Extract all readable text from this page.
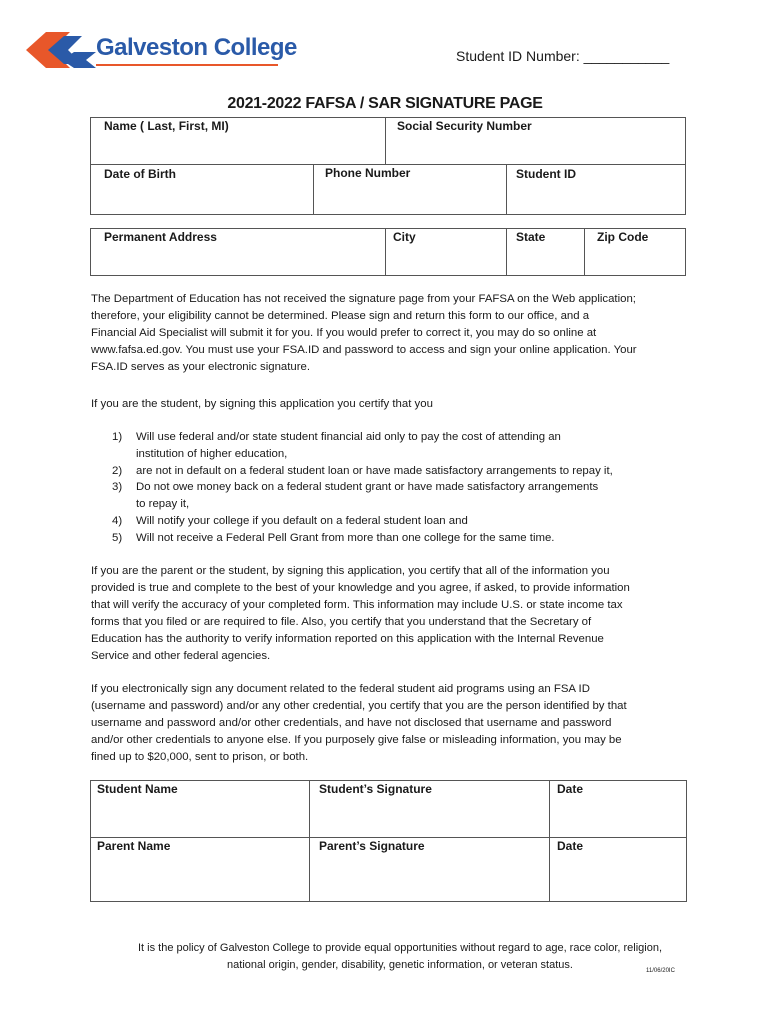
Galveston College	Student ID Number: ___________
2021-2022 FAFSA / SAR SIGNATURE PAGE
Name ( Last, First, MI)	Social Security Number
Date of Birth	Phone Number	Student ID
Permanent Address	City	State	Zip Code
The Department of Education has not received the signature page from your FAFSA on the Web application;
therefore, your eligibility cannot be determined. Please sign and return this form to our office, and a
Financial Aid Specialist will submit it for you. If you would prefer to correct it, you may do so online at
www.fafsa.ed.gov. You must use your FSA.ID and password to access and sign your online application. Your
FSA.ID serves as your electronic signature.
If you are the student, by signing this application you certify that you
1) Will use federal and/or state student financial aid only to pay the cost of attending an
institution of higher education,
2) are not in default on a federal student loan or have made satisfactory arrangements to repay it,
3) Do not owe money back on a federal student grant or have made satisfactory arrangements
to repay it,
4) Will notify your college if you default on a federal student loan and
5) Will not receive a Federal Pell Grant from more than one college for the same time.
If you are the parent or the student, by signing this application, you certify that all of the information you
provided is true and complete to the best of your knowledge and you agree, if asked, to provide information
that will verify the accuracy of your completed form. This information may include U.S. or state income tax
forms that you filed or are required to file. Also, you certify that you understand that the Secretary of
Education has the authority to verify information reported on this application with the Internal Revenue
Service and other federal agencies.
If you electronically sign any document related to the federal student aid programs using an FSA ID
(username and password) and/or any other credential, you certify that you are the person identified by that
username and password and/or other credentials, and have not disclosed that username and password
and/or other credentials to anyone else. If you purposely give false or misleading information, you may be
fined up to $20,000, sent to prison, or both.
Student Name	Student’s Signature	Date
Parent Name	Parent’s Signature	Date
It is the policy of Galveston College to provide equal opportunities without regard to age, race color, religion,
national origin, gender, disability, genetic information, or veteran status.	11/06/20IC
